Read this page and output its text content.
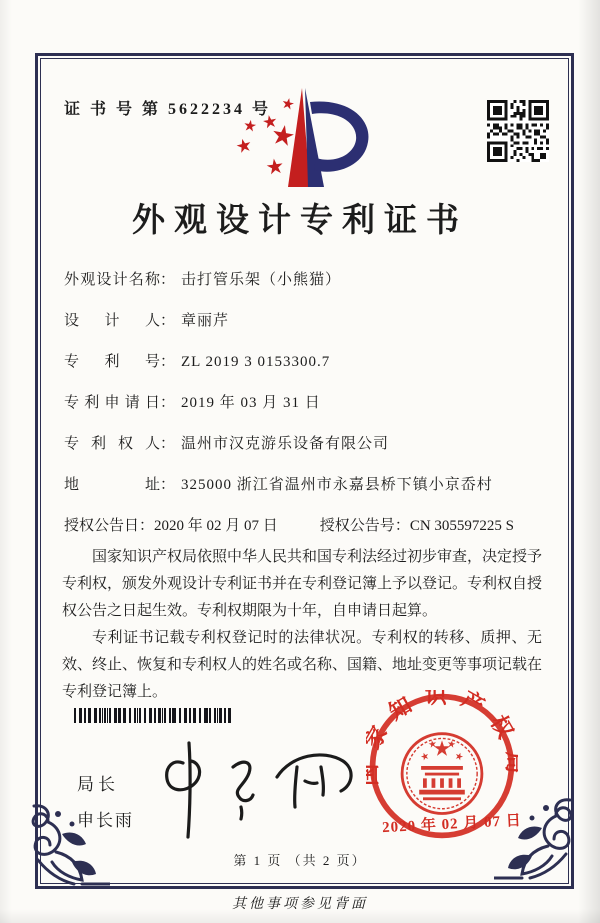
证 书 号 第 5622234 号
外观设计专利证书
外观设计名称 ： 击打管乐架（小熊猫）
设计人 ： 章丽芹
专利号 ： ZL 2019 3 0153300.7
专利申请日 ： 2019 年 03 月 31 日
专利权人 ： 温州市汉克游乐设备有限公司
地址 ： 325000 浙江省温州市永嘉县桥下镇小京岙村
授权公告日：2020 年 02 月 07 日	授权公告号：CN 305597225 S

国家知识产权局依照中华人民共和国专利法经过初步审查，决定授予专利权，颁发外观设计专利证书并在专利登记簿上予以登记。专利权自授权公告之日起生效。专利权期限为十年，自申请日起算。

专利证书记载专利权登记时的法律状况。专利权的转移、质押、无效、终止、恢复和专利权人的姓名或名称、国籍、地址变更等事项记载在专利登记簿上。

局长
申长雨
知识产
2020 年 02 月 07 日
第 1 页 （共 2 页）
其他事项参见背面
